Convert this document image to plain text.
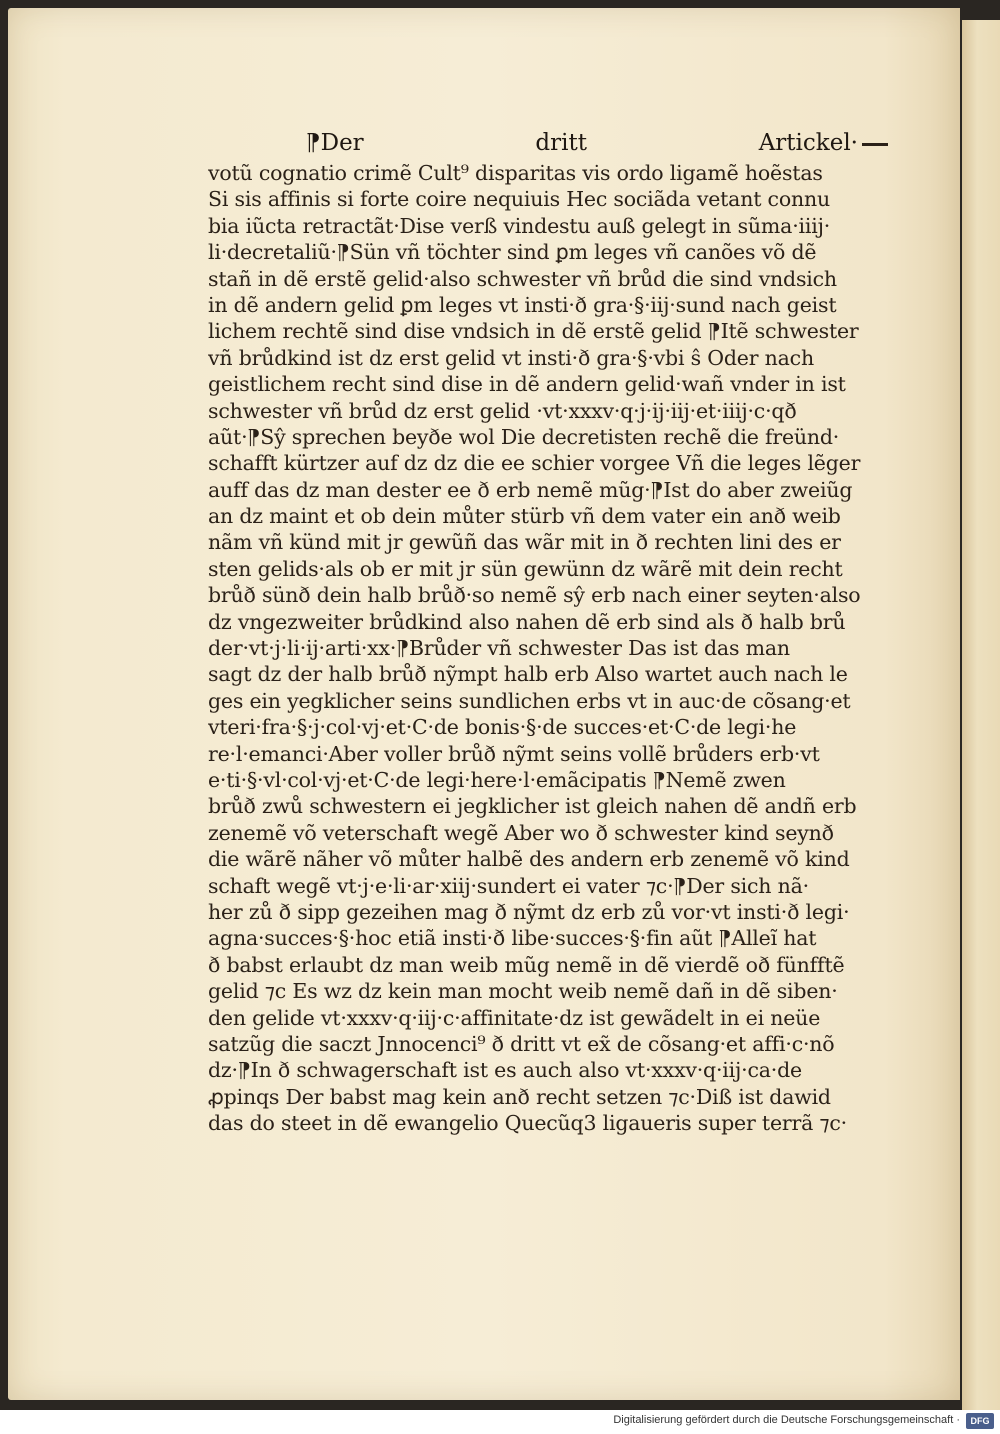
⁋Der	dritt	Artickel·
votũ cognatio crimẽ Cult⁹ disparitas vis ordo ligamẽ hoẽstas
Si sis affinis si forte coire nequiuis Hec sociãda vetant connu
bia iũcta retractãt·Dise verß vindestu auß gelegt in sũma·iiij·
li·decretaliũ·⁋Sün vñ töchter sind ꝑm leges vñ canões võ dẽ
stañ in dẽ erstẽ gelid·also schwester vñ brůd die sind vndsich
in dẽ andern gelid ꝑm leges vt insti·ð gra·§·iij·sund nach geist
lichem rechtẽ sind dise vndsich in dẽ erstẽ gelid ⁋Itẽ schwester
vñ brůdkind ist dz erst gelid vt insti·ð gra·§·vbi ŝ Oder nach
geistlichem recht sind dise in dẽ andern gelid·wañ vnder in ist
schwester vñ brůd dz erst gelid ·vt·xxxv·q·j·ij·iij·et·iiij·c·qð
aũt·⁋Sŷ sprechen beyðe wol Die decretisten rechẽ die freünd·
schafft kürtzer auf dz dz die ee schier vorgee Vñ die leges lẽger
auff das dz man dester ee ð erb nemẽ mũg·⁋Ist do aber zweiũg
an dz maint et ob dein můter stürb vñ dem vater ein anð weib
nãm vñ künd mit jr gewũñ das wãr mit in ð rechten lini des er
sten gelids·als ob er mit jr sün gewünn dz wãrẽ mit dein recht
brůð sünð dein halb brůð·so nemẽ sŷ erb nach einer seyten·also
dz vngezweiter brůdkind also nahen dẽ erb sind als ð halb brů
der·vt·j·li·ij·arti·xx·⁋Brůder vñ schwester Das ist das man
sagt dz der halb brůð nỹmpt halb erb Also wartet auch nach le
ges ein yegklicher seins sundlichen erbs vt in auc·de cõsang·et
vteri·fra·§·j·col·vj·et·C·de bonis·§·de succes·et·C·de legi·he
re·l·emanci·Aber voller brůð nỹmt seins vollẽ brůders erb·vt
e·ti·§·vl·col·vj·et·C·de legi·here·l·emãcipatis ⁋Nemẽ zwen
brůð zwů schwestern ei jegklicher ist gleich nahen dẽ andñ erb
zenemẽ võ veterschaft wegẽ Aber wo ð schwester kind seynð
die wãrẽ nãher võ můter halbẽ des andern erb zenemẽ võ kind
schaft wegẽ vt·j·e·li·ar·xiij·sundert ei vater ⁊c·⁋Der sich nã·
her zů ð sipp gezeihen mag ð nỹmt dz erb zů vor·vt insti·ð legi·
agna·succes·§·hoc etiã insti·ð libe·succes·§·fin aũt ⁋Alleĩ hat
ð babst erlaubt dz man weib mũg nemẽ in dẽ vierdẽ oð fünfftẽ
gelid ⁊c Es wz dz kein man mocht weib nemẽ dañ in dẽ siben·
den gelide vt·xxxv·q·iij·c·affinitate·dz ist gewãdelt in ei neüe
satzũg die saczt Jnnocenci⁹ ð dritt vt ex̃ de cõsang·et affi·c·nõ
dz·⁋In ð schwagerschaft ist es auch also vt·xxxv·q·iij·ca·de
ꝓpinqs Der babst mag kein anð recht setzen ⁊c·Diß ist dawid
das do steet in dẽ ewangelio Quecũq3 ligaueris super terrã ⁊c·
Digitalisierung gefördert durch die Deutsche Forschungsgemeinschaft ·	DFG
